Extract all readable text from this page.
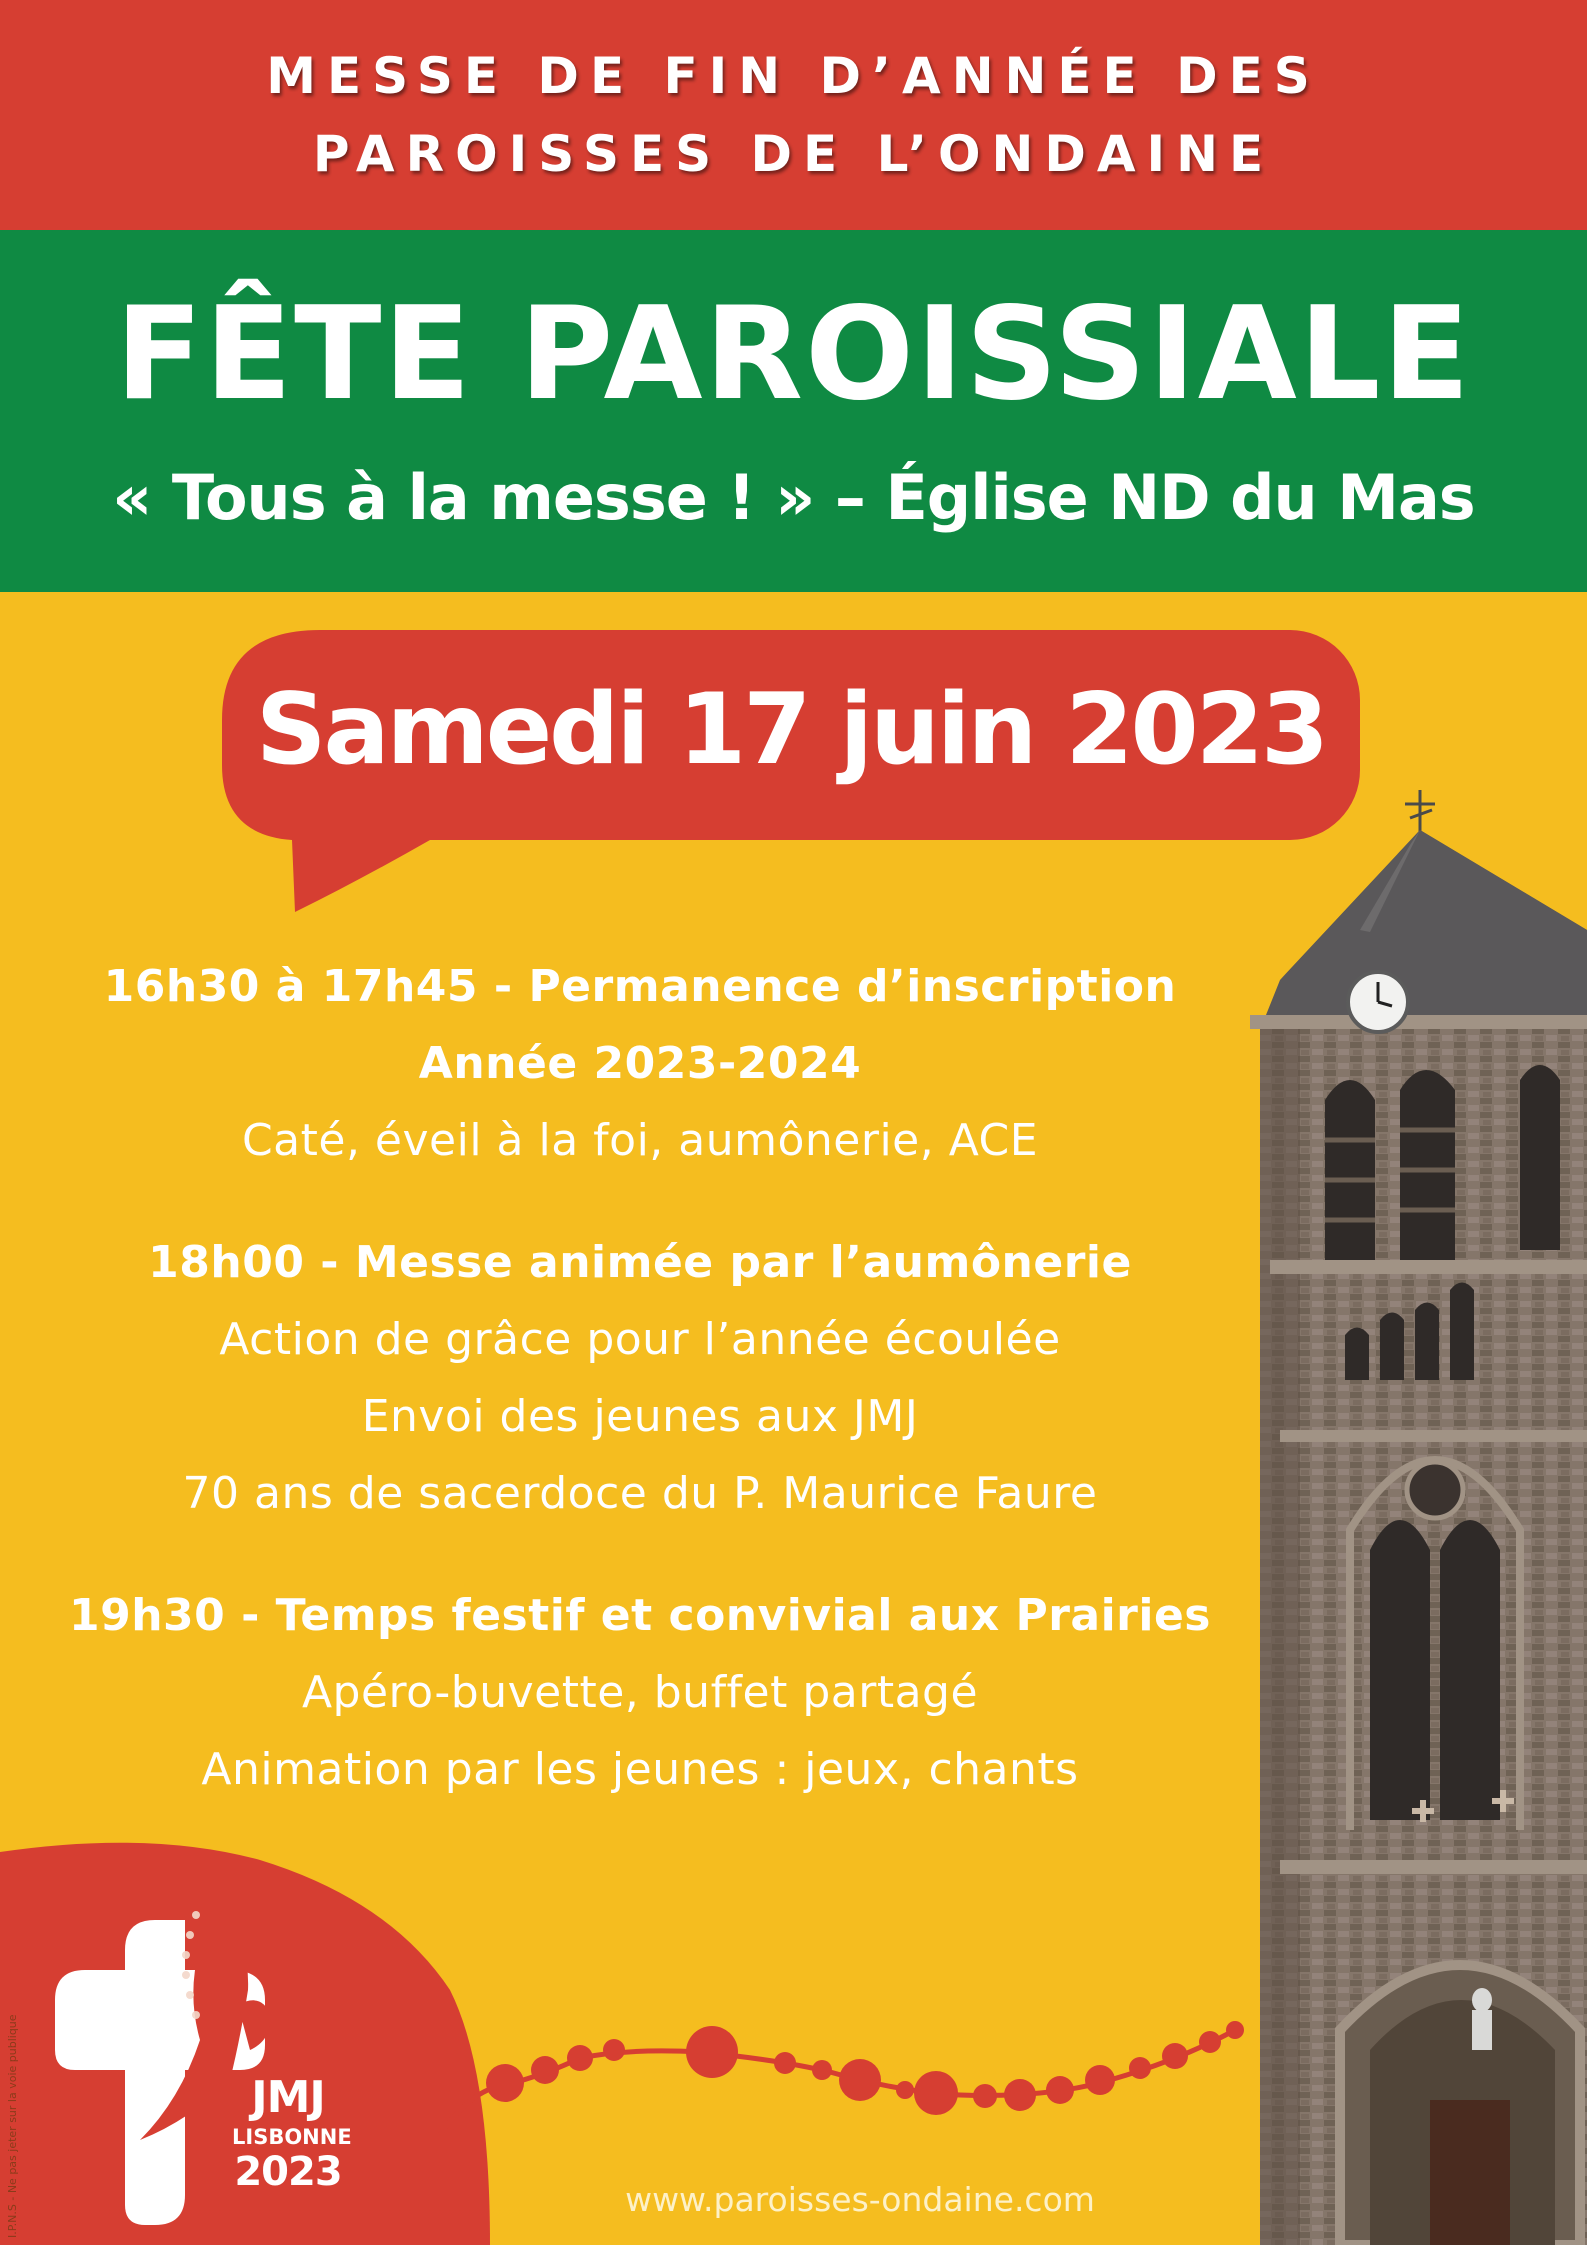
MESSE DE FIN D’ANNÉE DES
PAROISSES DE L’ONDAINE
FÊTE PAROISSIALE
« Tous à la messe ! » – Église ND du Mas
Samedi 17 juin 2023
16h30 à 17h45 - Permanence d’inscription
Année 2023-2024
Caté, éveil à la foi, aumônerie, ACE
18h00 - Messe animée par l’aumônerie
Action de grâce pour l’année écoulée
Envoi des jeunes aux JMJ
70 ans de sacerdoce du P. Maurice Faure
19h30 - Temps festif et convivial aux Prairies
Apéro-buvette, buffet partagé
Animation par les jeunes : jeux, chants
JMJ
LISBONNE
2023
www.paroisses-ondaine.com
I.P.N.S - Ne pas jeter sur la voie publique
